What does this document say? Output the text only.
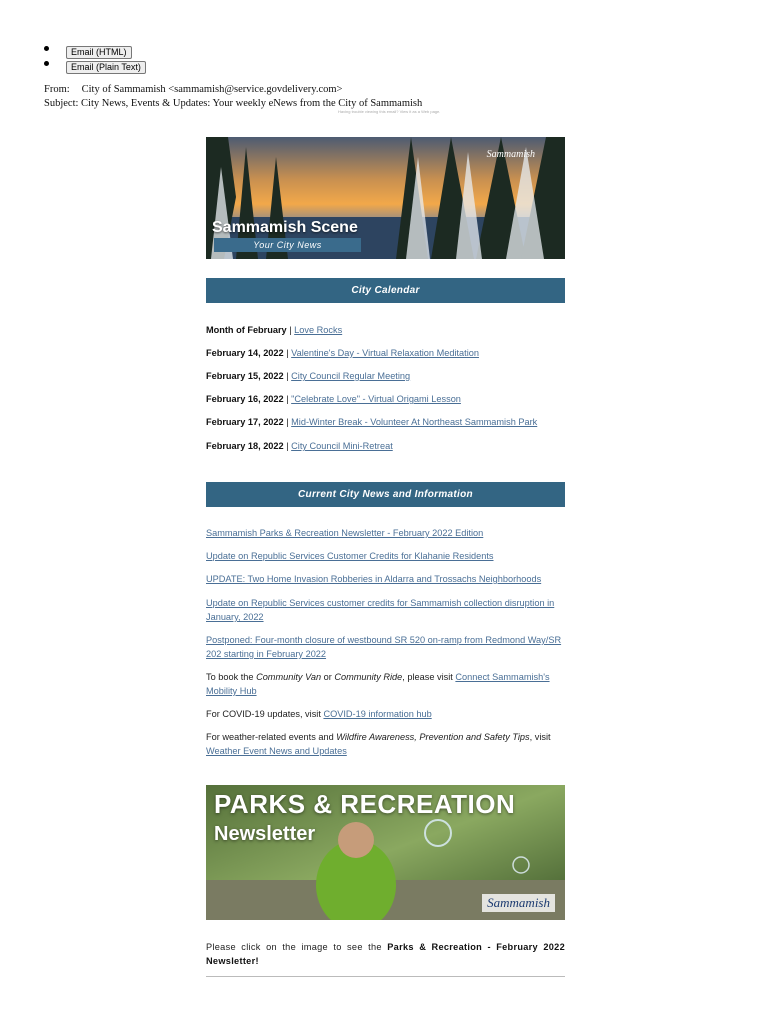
Email (HTML)
Email (Plain Text)
From: City of Sammamish <sammamish@service.govdelivery.com>
Subject: City News, Events & Updates: Your weekly eNews from the City of Sammamish
Having trouble viewing this email? View it as a Web page.
Sammamish
Sammamish Scene
Your City News
City Calendar
Month of February | Love Rocks
February 14, 2022 | Valentine's Day - Virtual Relaxation Meditation
February 15, 2022 | City Council Regular Meeting
February 16, 2022 | "Celebrate Love" - Virtual Origami Lesson
February 17, 2022 | Mid-Winter Break - Volunteer At Northeast Sammamish Park
February 18, 2022 | City Council Mini-Retreat
Current City News and Information
Sammamish Parks & Recreation Newsletter - February 2022 Edition
Update on Republic Services Customer Credits for Klahanie Residents
UPDATE: Two Home Invasion Robberies in Aldarra and Trossachs Neighborhoods
Update on Republic Services customer credits for Sammamish collection disruption in January, 2022
Postponed: Four-month closure of westbound SR 520 on-ramp from Redmond Way/SR 202 starting in February 2022
To book the Community Van or Community Ride, please visit Connect Sammamish's Mobility Hub
For COVID-19 updates, visit COVID-19 information hub
For weather-related events and Wildfire Awareness, Prevention and Safety Tips, visit Weather Event News and Updates
PARKS & RECREATION
Newsletter
Sammamish
Please click on the image to see the Parks & Recreation - February 2022 Newsletter!
